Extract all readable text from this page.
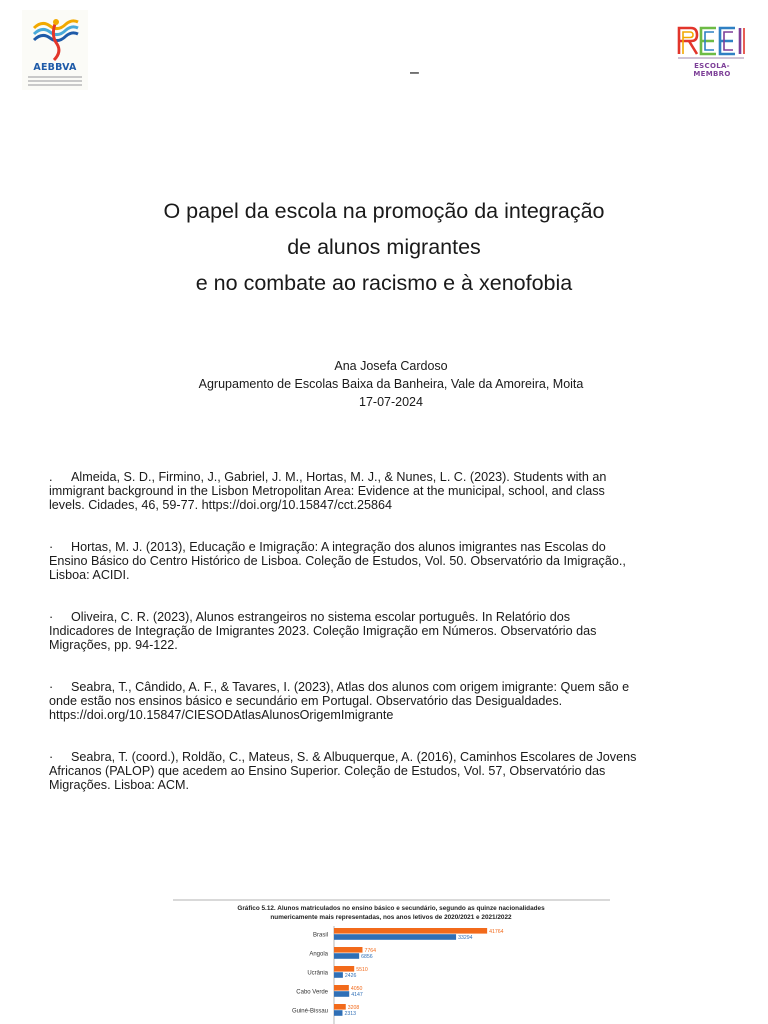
AEBBVA	ESCOLA-MEMBRO
–
O papel da escola na promoção da integração
de alunos migrantes
e no combate ao racismo e à xenofobia
Ana Josefa Cardoso
Agrupamento de Escolas Baixa da Banheira, Vale da Amoreira, Moita
17-07-2024
. Almeida, S. D., Firmino, J., Gabriel, J. M., Hortas, M. J., & Nunes, L. C. (2023). Students with an
immigrant background in the Lisbon Metropolitan Area: Evidence at the municipal, school, and class
levels. Cidades, 46, 59-77. https://doi.org/10.15847/cct.25864
· Hortas, M. J. (2013), Educação e Imigração: A integração dos alunos imigrantes nas Escolas do
Ensino Básico do Centro Histórico de Lisboa. Coleção de Estudos, Vol. 50. Observatório da Imigração.,
Lisboa: ACIDI.
· Oliveira, C. R. (2023), Alunos estrangeiros no sistema escolar português. In Relatório dos
Indicadores de Integração de Imigrantes 2023. Coleção Imigração em Números. Observatório das
Migrações, pp. 94-122.
· Seabra, T., Cândido, A. F., & Tavares, I. (2023), Atlas dos alunos com origem imigrante: Quem são e
onde estão nos ensinos básico e secundário em Portugal. Observatório das Desigualdades.
https://doi.org/10.15847/CIESODAtlasAlunosOrigemImigrante
· Seabra, T. (coord.), Roldão, C., Mateus, S. & Albuquerque, A. (2016), Caminhos Escolares de Jovens
Africanos (PALOP) que acedem ao Ensino Superior. Coleção de Estudos, Vol. 57, Observatório das
Migrações. Lisboa: ACM.
Gráfico 5.12. Alunos matriculados no ensino básico e secundário, segundo as quinze nacionalidades
numericamente mais representadas, nos anos letivos de 2020/2021 e 2021/2022
Brasil
41764
33294
Angola
7764
6856
Ucrânia
5510
2426
Cabo Verde
4050
4147
Guiné-Bissau
3208
2313
